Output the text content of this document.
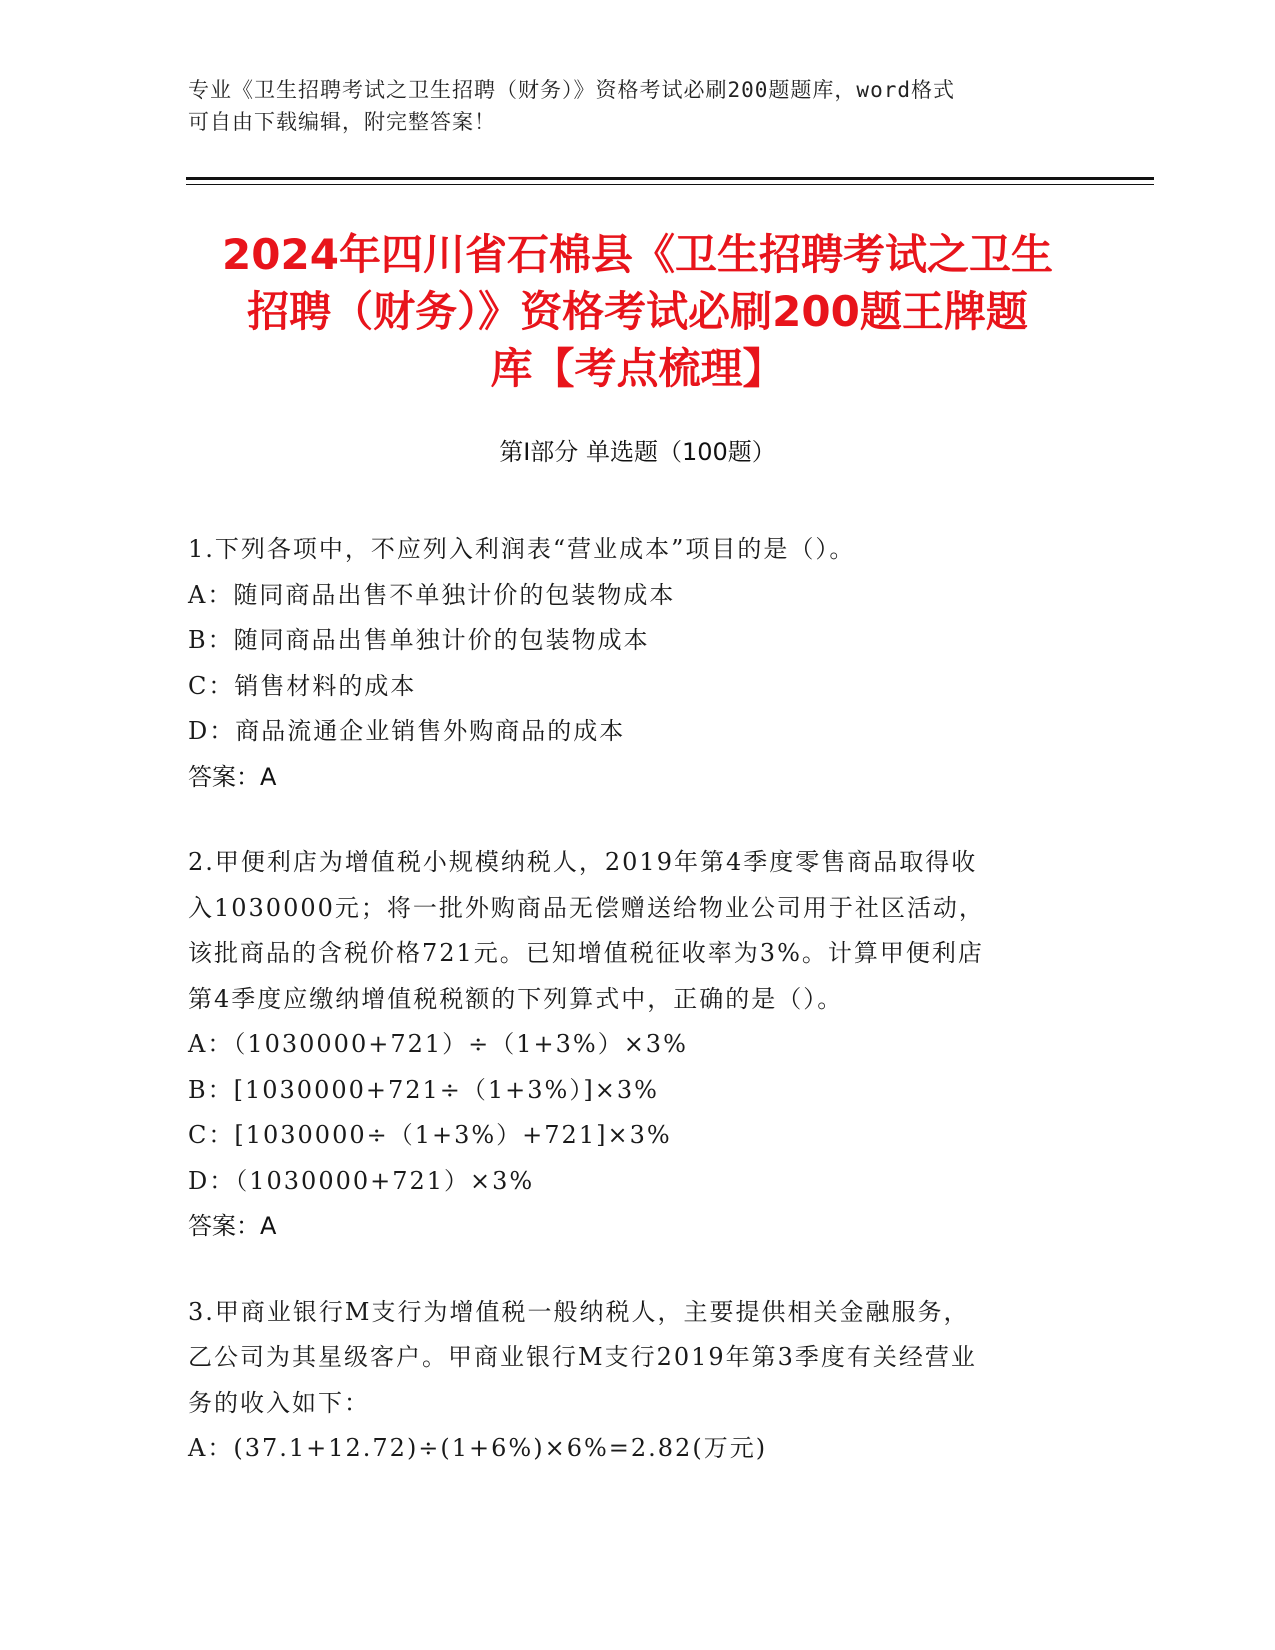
专业《卫生招聘考试之卫生招聘（财务）》资格考试必刷200题题库，word格式
可自由下载编辑，附完整答案！
2024年四川省石棉县《卫生招聘考试之卫生
招聘（财务）》资格考试必刷200题王牌题
库【考点梳理】
第Ⅰ部分 单选题（100题）
1.下列各项中，不应列入利润表“营业成本”项目的是（）。
A：随同商品出售不单独计价的包装物成本
B：随同商品出售单独计价的包装物成本
C：销售材料的成本
D：商品流通企业销售外购商品的成本
答案：A
2.甲便利店为增值税小规模纳税人，2019年第4季度零售商品取得收
入1030000元；将一批外购商品无偿赠送给物业公司用于社区活动，
该批商品的含税价格721元。已知增值税征收率为3%。计算甲便利店
第4季度应缴纳增值税税额的下列算式中，正确的是（）。
A：（1030000+721）÷（1+3%）×3%
B：[1030000+721÷（1+3%）]×3%
C：[1030000÷（1+3%）+721]×3%
D：（1030000+721）×3%
答案：A
3.甲商业银行M支行为增值税一般纳税人，主要提供相关金融服务，
乙公司为其星级客户。甲商业银行M支行2019年第3季度有关经营业
务的收入如下：
A：(37.1+12.72)÷(1+6%)×6%=2.82(万元)
